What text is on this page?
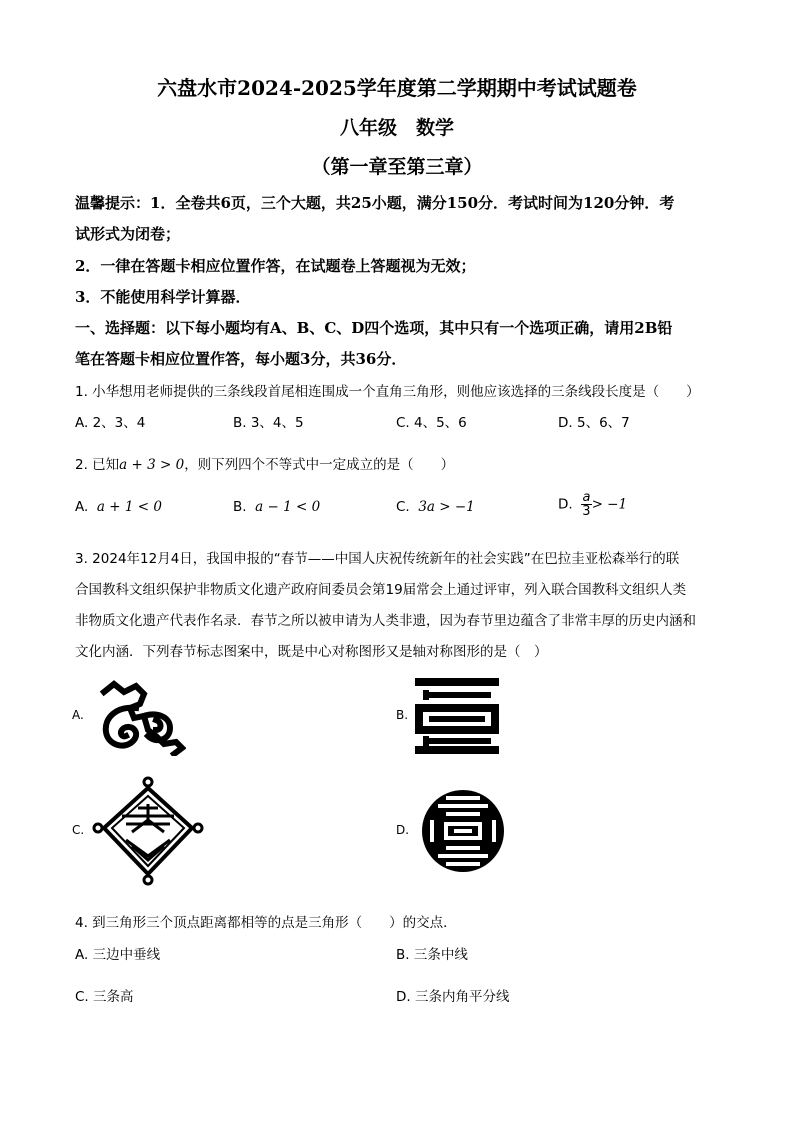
六盘水市2024-2025学年度第二学期期中考试试题卷
八年级　数学
（第一章至第三章）
温馨提示：1．全卷共6页，三个大题，共25小题，满分150分．考试时间为120分钟．考
试形式为闭卷；
2．一律在答题卡相应位置作答，在试题卷上答题视为无效；
3．不能使用科学计算器．
一、选择题：以下每小题均有A、B、C、D四个选项，其中只有一个选项正确，请用2B铅
笔在答题卡相应位置作答，每小题3分，共36分．
1. 小华想用老师提供的三条线段首尾相连围成一个直角三角形，则他应该选择的三条线段长度是（　　）
A. 2、3、4	B. 3、4、5	C. 4、5、6	D. 5、6、7
2. 已知a + 3 > 0，则下列四个不等式中一定成立的是（　　）
A. a + 1 < 0	B. a − 1 < 0	C. 3a > −1	D. $\frac{a}{3} > -1$
3. 2024年12月4日，我国申报的“春节——中国人庆祝传统新年的社会实践”在巴拉圭亚松森举行的联
合国教科文组织保护非物质文化遗产政府间委员会第19届常会上通过评审，列入联合国教科文组织人类
非物质文化遗产代表作名录．春节之所以被申请为人类非遗，因为春节里边蕴含了非常丰厚的历史内涵和
文化内涵．下列春节标志图案中，既是中心对称图形又是轴对称图形的是（　）
A.	B.
C.	D.
4. 到三角形三个顶点距离都相等的点是三角形（　　）的交点．
A. 三边中垂线	B. 三条中线
C. 三条高	D. 三条内角平分线
